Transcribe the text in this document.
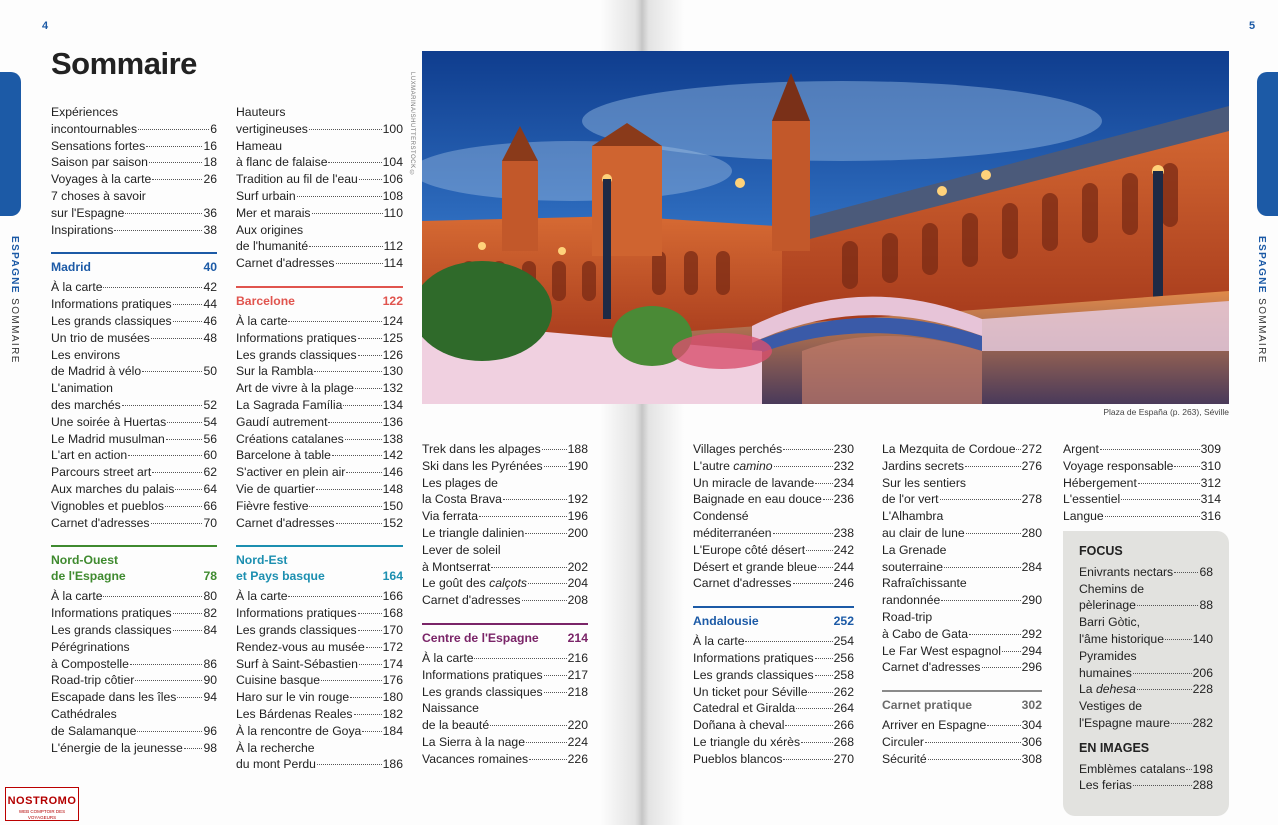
4	5
ESPAGNE SOMMAIRE
ESPAGNE SOMMAIRE
Sommaire
Expériences
incontournables	6
Sensations fortes	16
Saison par saison	18
Voyages à la carte	26
7 choses à savoir
sur l'Espagne	36
Inspirations	38
Madrid	40
À la carte	42
Informations pratiques	44
Les grands classiques	46
Un trio de musées	48
Les environs
de Madrid à vélo	50
L'animation
des marchés	52
Une soirée à Huertas	54
Le Madrid musulman	56
L'art en action	60
Parcours street art	62
Aux marches du palais 64
Vignobles et pueblos	66
Carnet d'adresses	70
Nord-Ouest
de l'Espagne	78
À la carte	80
Informations pratiques	82
Les grands classiques	84
Pérégrinations
à Compostelle	86
Road-trip côtier	90
Escapade dans les îles 94
Cathédrales
de Salamanque	96
L'énergie de la jeunesse 98
Hauteurs
vertigineuses	100
Hameau
à flanc de falaise	104
Tradition au fil de l'eau 106
Surf urbain	108
Mer et marais	110
Aux origines
de l'humanité	112
Carnet d'adresses	114
Barcelone	122
À la carte	124
Informations pratiques 125
Les grands classiques 126
Sur la Rambla	130
Art de vivre à la plage 132
La Sagrada Família	134
Gaudí autrement	136
Créations catalanes	138
Barcelone à table	142
S'activer en plein air	146
Vie de quartier	148
Fièvre festive	150
Carnet d'adresses	152
Nord-Est
et Pays basque	164
À la carte	166
Informations pratiques 168
Les grands classiques 170
Rendez-vous au musée 172
Surf à Saint-Sébastien 174
Cuisine basque	176
Haro sur le vin rouge	180
Les Bárdenas Reales 182
À la rencontre de Goya 184
À la recherche
du mont Perdu	186
Trek dans les alpages 188
Ski dans les Pyrénées 190
Les plages de
la Costa Brava	192
Via ferrata	196
Le triangle dalinien	200
Lever de soleil
à Montserrat	202
Le goût des calçots	204
Carnet d'adresses	208
Centre de l'Espagne 214
À la carte	216
Informations pratiques 217
Les grands classiques 218
Naissance
de la beauté	220
La Sierra à la nage	224
Vacances romaines	226
Villages perchés	230
L'autre camino	232
Un miracle de lavande 234
Baignade en eau douce 236
Condensé
méditerranéen	238
L'Europe côté désert 242
Désert et grande bleue 244
Carnet d'adresses	246
Andalousie	252
À la carte	254
Informations pratiques 256
Les grands classiques 258
Un ticket pour Séville 262
Catedral et Giralda	264
Doñana à cheval	266
Le triangle du xérès	268
Pueblos blancos	270
La Mezquita de Cordoue 272
Jardins secrets	276
Sur les sentiers
de l'or vert	278
L'Alhambra
au clair de lune	280
La Grenade
souterraine	284
Rafraîchissante
randonnée	290
Road-trip
à Cabo de Gata	292
Le Far West espagnol 294
Carnet d'adresses	296
Carnet pratique	302
Arriver en Espagne	304
Circuler	306
Sécurité	308
Argent	309
Voyage responsable 310
Hébergement	312
L'essentiel	314
Langue	316
FOCUS
Enivrants nectars 68
Chemins de
pèlerinage	88
Barri Gòtic,
l'âme historique 140
Pyramides
humaines	206
La dehesa	228
Vestiges de
l'Espagne maure 282
EN IMAGES
Emblèmes catalans 198
Les ferias	288
LUXMARINA/SHUTTERSTOCK ©
Plaza de España (p. 263), Séville
NOSTROMO
WEB COMPTOIR DES VOYAGEURS
